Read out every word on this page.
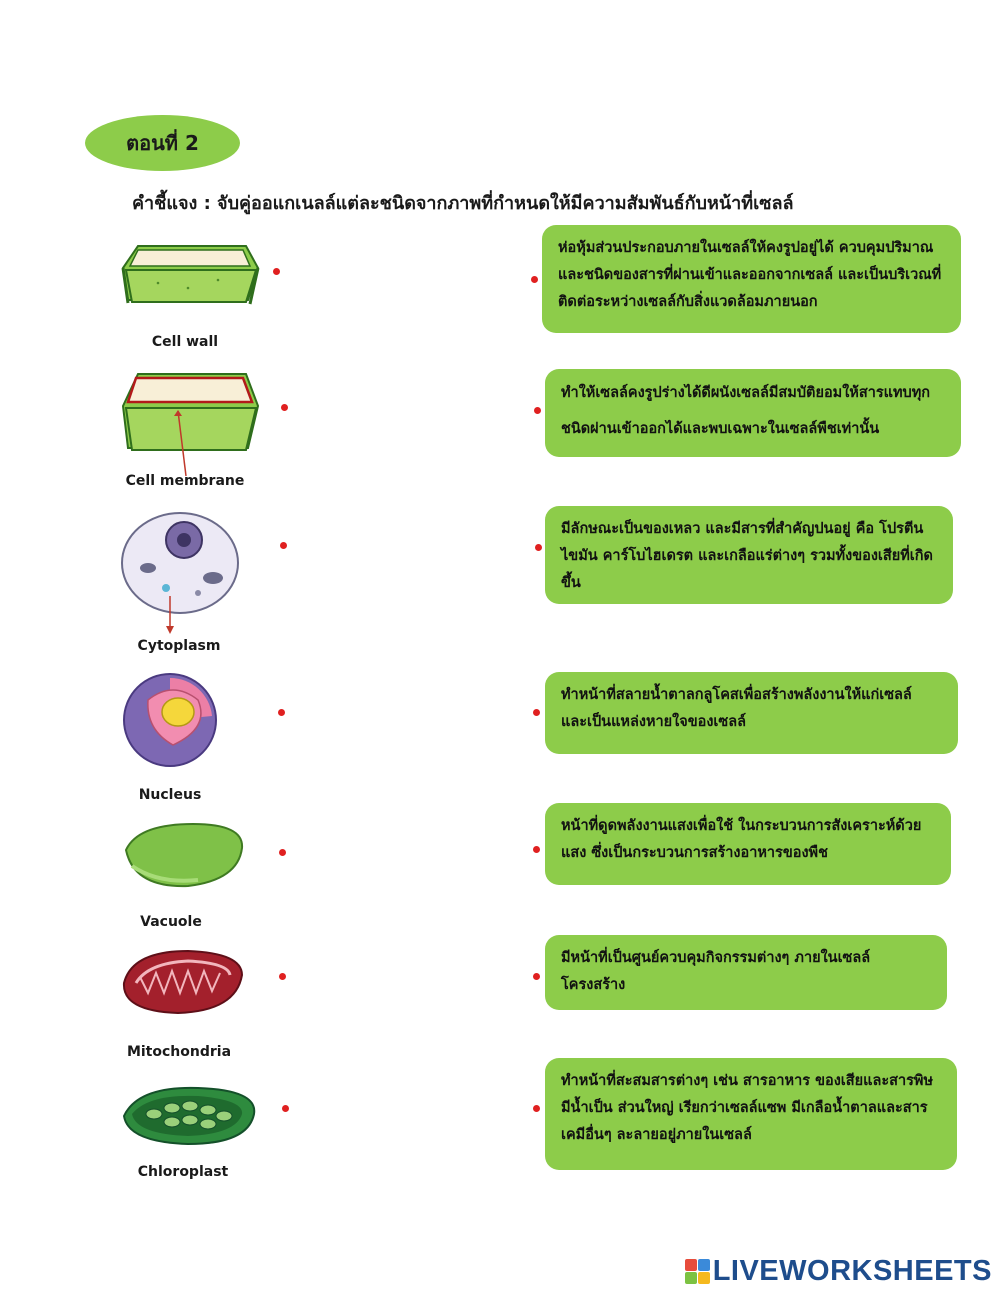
ตอนที่ 2
คำชี้แจง : จับคู่ออแกเนลล์แต่ละชนิดจากภาพที่กำหนดให้มีความสัมพันธ์กับหน้าที่เซลล์
Cell wall
Cell membrane
Cytoplasm
Nucleus
Vacuole
Mitochondria
Chloroplast
ห่อหุ้มส่วนประกอบภายในเซลล์ให้คงรูปอยู่ได้ ควบคุมปริมาณและชนิดของสารที่ผ่านเข้าและออกจากเซลล์ และเป็นบริเวณที่ติดต่อระหว่างเซลล์กับสิ่งแวดล้อมภายนอก
ทำให้เซลล์คงรูปร่างได้ดีผนังเซลล์มีสมบัติยอมให้สารแทบทุกชนิดผ่านเข้าออกได้และพบเฉพาะในเซลล์พืชเท่านั้น
มีลักษณะเป็นของเหลว และมีสารที่สำคัญปนอยู่ คือ โปรตีน ไขมัน คาร์โบไฮเดรต และเกลือแร่ต่างๆ รวมทั้งของเสียที่เกิดขึ้น
ทำหน้าที่สลายน้ำตาลกลูโคสเพื่อสร้างพลังงานให้แก่เซลล์ และเป็นแหล่งหายใจของเซลล์
หน้าที่ดูดพลังงานแสงเพื่อใช้ ในกระบวนการสังเคราะห์ด้วยแสง ซึ่งเป็นกระบวนการสร้างอาหารของพืช
มีหน้าที่เป็นศูนย์ควบคุมกิจกรรมต่างๆ ภายในเซลล์ โครงสร้าง
ทำหน้าที่สะสมสารต่างๆ เช่น สารอาหาร ของเสียและสารพิษ มีน้ำเป็น ส่วนใหญ่ เรียกว่าเซลล์แซพ มีเกลือน้ำตาลและสารเคมีอื่นๆ ละลายอยู่ภายในเซลล์
LIVEWORKSHEETS
